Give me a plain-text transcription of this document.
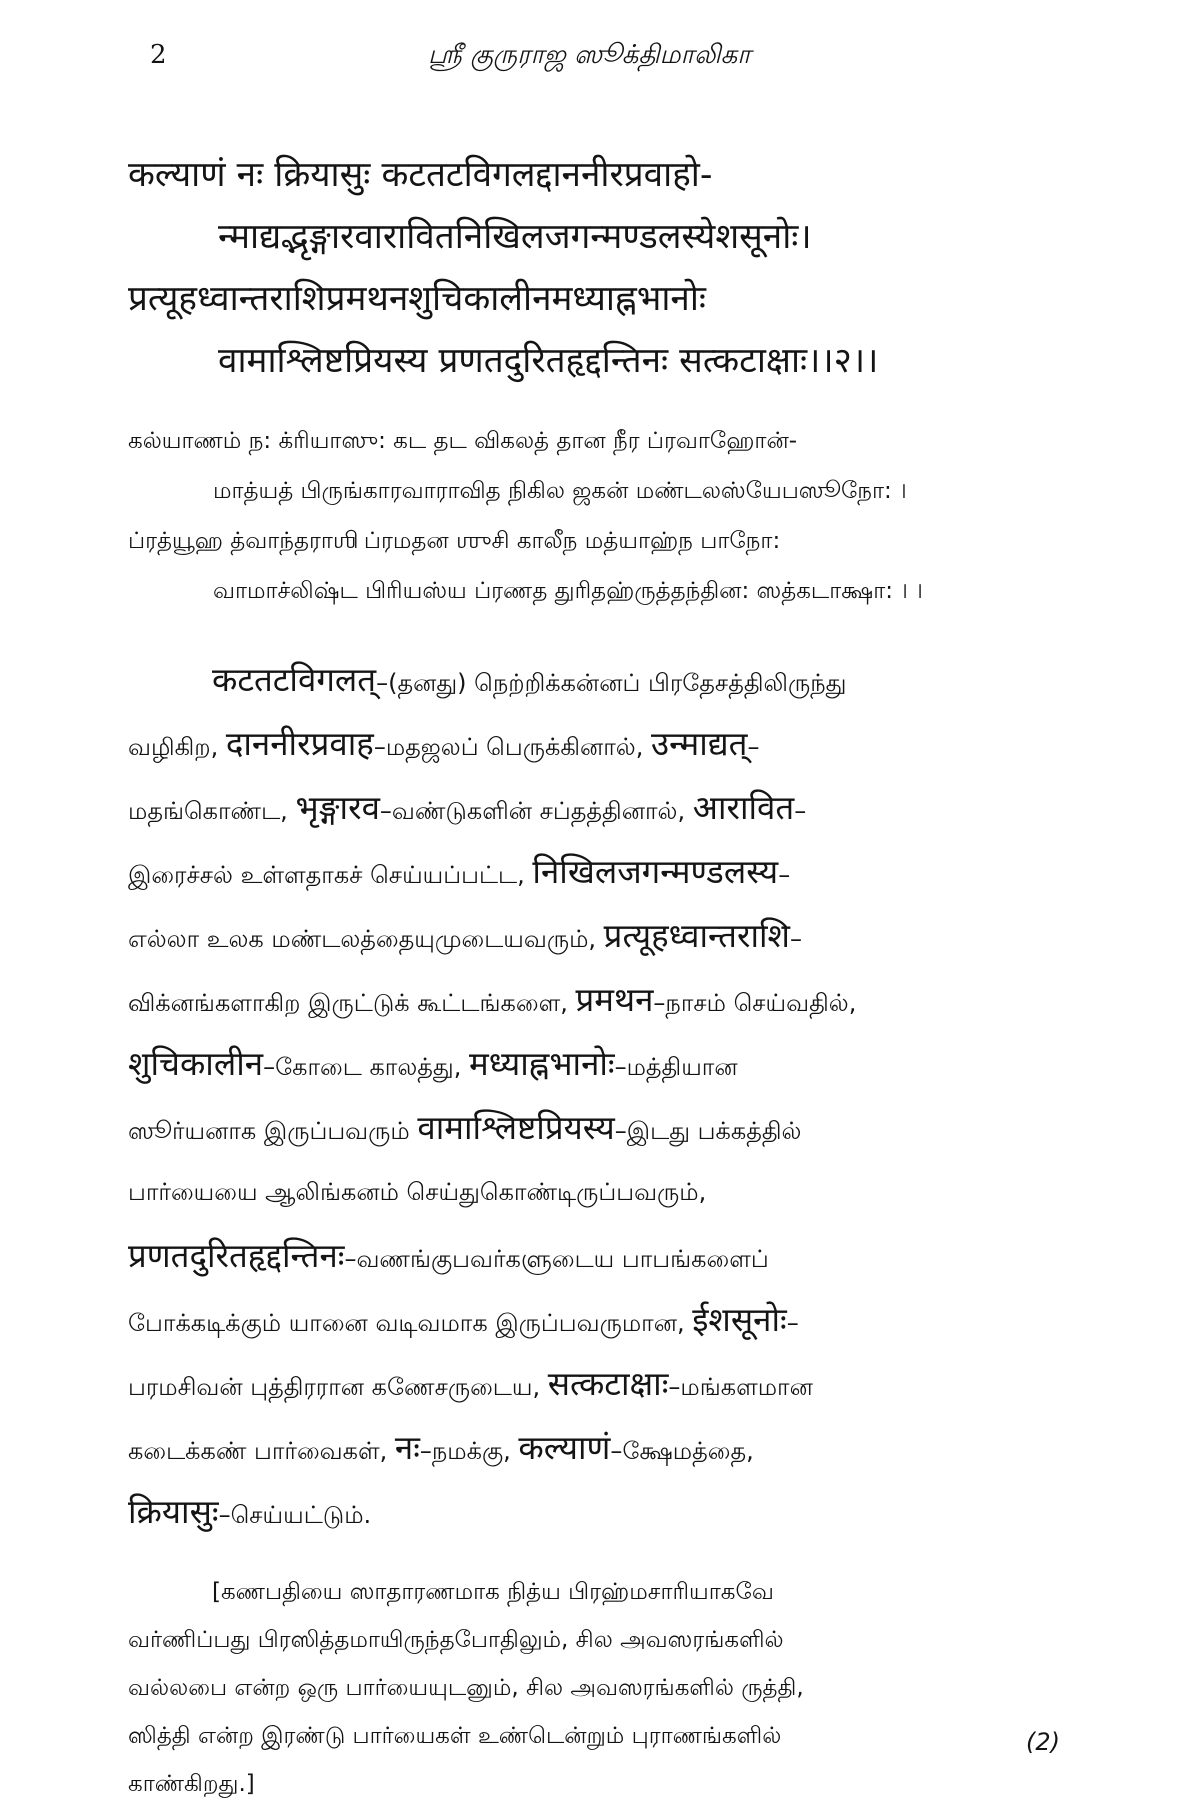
2	ஸ்ரீ குருராஜ ஸூக்திமாலிகா
कल्याणं नः क्रियासुः कटतटविगलद्दाननीरप्रवाहो-
न्माद्यद्भृङ्गारवारावितनिखिलजगन्मण्डलस्येशसूनोः।
प्रत्यूहध्वान्तराशिप्रमथनशुचिकालीनमध्याह्नभानोः
वामाश्लिष्टप्रियस्य प्रणतदुरितहृद्दन्तिनः सत्कटाक्षाः।।२।।
கல்யாணம் ந: க்ரியாஸு: கட தட விகலத் தான நீர ப்ரவாஹோன்-
மாத்யத் பிருங்காரவாராவித நிகில ஜகன் மண்டலஸ்யேபஸூநோ: ।
ப்ரத்யூஹ த்வாந்தராஶி ப்ரமதன ஶுசி காலீந மத்யாஹ்ந பாநோ:
வாமாச்லிஷ்ட பிரியஸ்ய ப்ரணத துரிதஹ்ருத்தந்தின: ஸத்கடாக்ஷா: । ।
कटतटविगलत्–(தனது) நெற்றிக்கன்னப் பிரதேசத்திலிருந்து
வழிகிற, दाननीरप्रवाह–மதஜலப் பெருக்கினால், उन्माद्यत्–
மதங்கொண்ட, भृङ्गारव–வண்டுகளின் சப்தத்தினால், आरावित–
இரைச்சல் உள்ளதாகச் செய்யப்பட்ட, निखिलजगन्मण्डलस्य–
எல்லா உலக மண்டலத்தையுமுடையவரும், प्रत्यूहध्वान्तराशि–
விக்னங்களாகிற இருட்டுக் கூட்டங்களை, प्रमथन–நாசம் செய்வதில்,
शुचिकालीन–கோடை காலத்து, मध्याह्नभानोः–மத்தியான
ஸூர்யனாக இருப்பவரும் वामाश्लिष्टप्रियस्य–இடது பக்கத்தில்
பார்யையை ஆலிங்கனம் செய்துகொண்டிருப்பவரும்,
प्रणतदुरितहृद्दन्तिनः–வணங்குபவர்களுடைய பாபங்களைப்
போக்கடிக்கும் யானை வடிவமாக இருப்பவருமான, ईशसूनोः–
பரமசிவன் புத்திரரான கணேசருடைய, सत्कटाक्षाः–மங்களமான
கடைக்கண் பார்வைகள், नः–நமக்கு, कल्याणं–க்ஷேமத்தை,
क्रियासुः–செய்யட்டும்.
[கணபதியை ஸாதாரணமாக நித்ய பிரஹ்மசாரியாகவே
வர்ணிப்பது பிரஸித்தமாயிருந்தபோதிலும், சில அவஸரங்களில்
வல்லபை என்ற ஒரு பார்யையுடனும், சில அவஸரங்களில் ருத்தி,
ஸித்தி என்ற இரண்டு பார்யைகள் உண்டென்றும் புராணங்களில்
காண்கிறது.]
(2)
